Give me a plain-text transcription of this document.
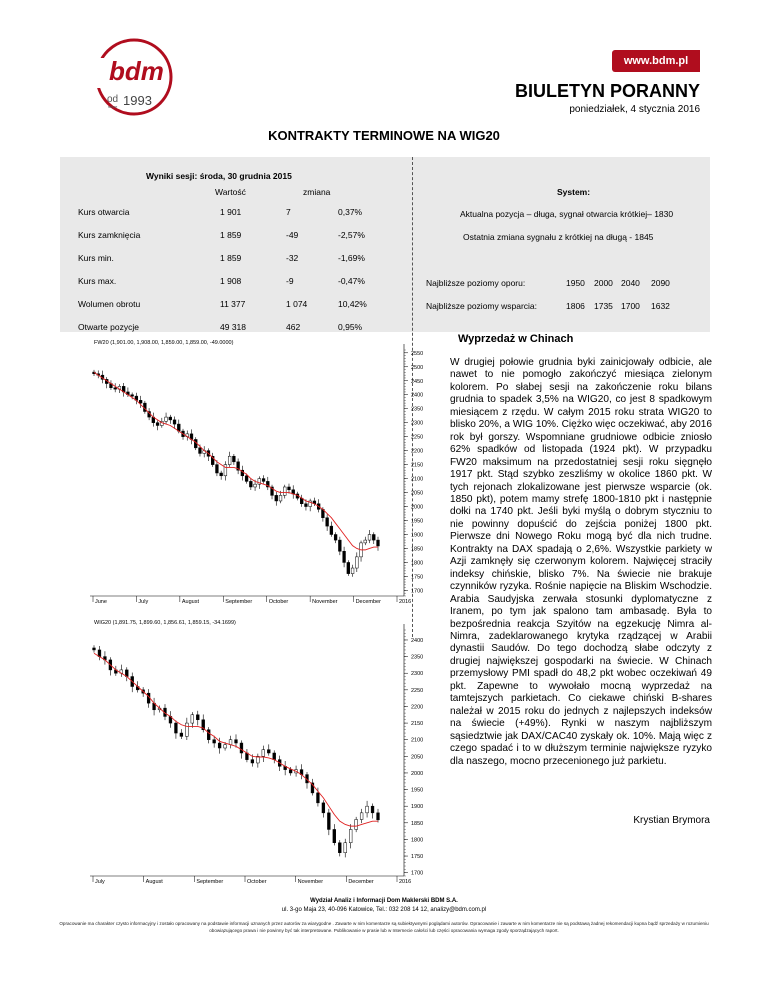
bdm
od
since 1993
www.bdm.pl
BIULETYN PORANNY
poniedziałek, 4 stycznia 2016
KONTRAKTY TERMINOWE NA WIG20
Wyniki sesji: środa, 30 grudnia 2015
Wartość	zmiana	System:
Kurs otwarcia	1 901	7	0,37%
Kurs zamknięcia	1 859	-49	-2,57%
Kurs min.	1 859	-32	-1,69%
Kurs max.	1 908	-9	-0,47%
Wolumen obrotu	11 377	1 074	10,42%
Otwarte pozycje	49 318	462	0,95%
Aktualna pozycja – długa, sygnał otwarcia krótkiej– 1830
Ostatnia zmiana sygnału z krótkiej na długą - 1845
Najbliższe poziomy oporu:	1950 2000 2040 2090
Najbliższe poziomy wsparcia:	1806 1735 1700 1632
FW20 (1,901.00, 1,908.00, 1,859.00, 1,859.00, -49.0000)
2550
2500
2450
2400
2350
2300
2250
2200
2150
2100
2050
2000
1950
1900
1850
1800
1750
1700
June	July	August	September	October	November	December	2016
WIG20 (1,891.75, 1,899.60, 1,856.61, 1,859.15, -34.1699)
2400
2350
2300
2250
2200
2150
2100
2050
2000
1950
1900
1850
1800
1750
1700
July	August	September	October	November	December	2016
Wyprzedaż w Chinach
W drugiej połowie grudnia byki zainicjowały odbicie, ale nawet to nie pomogło zakończyć miesiąca zielonym kolorem. Po słabej sesji na zakończenie roku bilans grudnia to spadek 3,5% na WIG20, co jest 8 spadkowym miesiącem z rzędu. W całym 2015 roku strata WIG20 to blisko 20%, a WIG 10%. Ciężko więc oczekiwać, aby 2016 rok był gorszy. Wspomniane grudniowe odbicie zniosło 62% spadków od listopada (1924 pkt). W przypadku FW20 maksimum na przedostatniej sesji roku sięgnęło 1917 pkt. Stąd szybko zeszliśmy w okolice 1860 pkt. W tych rejonach zlokalizowane jest pierwsze wsparcie (ok. 1850 pkt), potem mamy strefę 1800-1810 pkt i następnie dołki na 1740 pkt. Jeśli byki myślą o dobrym styczniu to nie powinny dopuścić do zejścia poniżej 1800 pkt. Pierwsze dni Nowego Roku mogą być dla nich trudne. Kontrakty na DAX spadają o 2,6%. Wszystkie parkiety w Azji zamknęły się czerwonym kolorem. Najwięcej straciły indeksy chińskie, blisko 7%. Na świecie nie brakuje czynników ryzyka. Rośnie napięcie na Bliskim Wschodzie. Arabia Saudyjska zerwała stosunki dyplomatyczne z Iranem, po tym jak spalono tam ambasadę. Była to bezpośrednia reakcja Szyitów na egzekucję Nimra al-Nimra, zadeklarowanego krytyka rządzącej w Arabii dynastii Saudów. Do tego dochodzą słabe odczyty z drugiej największej gospodarki na świecie. W Chinach przemysłowy PMI spadł do 48,2 pkt wobec oczekiwań 49 pkt. Zapewne to wywołało mocną wyprzedaż na tamtejszych parkietach. Co ciekawe chiński B-shares należał w 2015 roku do jednych z najlepszych indeksów na świecie (+49%). Rynki w naszym najbliższym sąsiedztwie jak DAX/CAC40 zyskały ok. 10%. Mają więc z czego spadać i to w dłuższym terminie największe ryzyko dla naszego, mocno przecenionego już parkietu.
Krystian Brymora
Wydział Analiz i Informacji Dom Maklerski BDM S.A.
ul. 3-go Maja 23, 40-096 Katowice, Tel.: 032 208 14 12, analizy@bdm.com.pl
Opracowanie ma charakter czysto informacyjny i zostało opracowany na podstawie informacji uznanych przez autorów za wiarygodne . Zawarte w nim komentarze są subiektywnymi poglądami autorów. Opracowanie i zawarte w nim komentarze nie są podstawą żadnej rekomendacji kupna bądź sprzedaży w rozumieniu obowiązującego prawa i nie powinny być tak interpretowane. Publikowanie w prasie lub w Internecie całości lub części opracowania wymaga zgody sporządzających raport.
